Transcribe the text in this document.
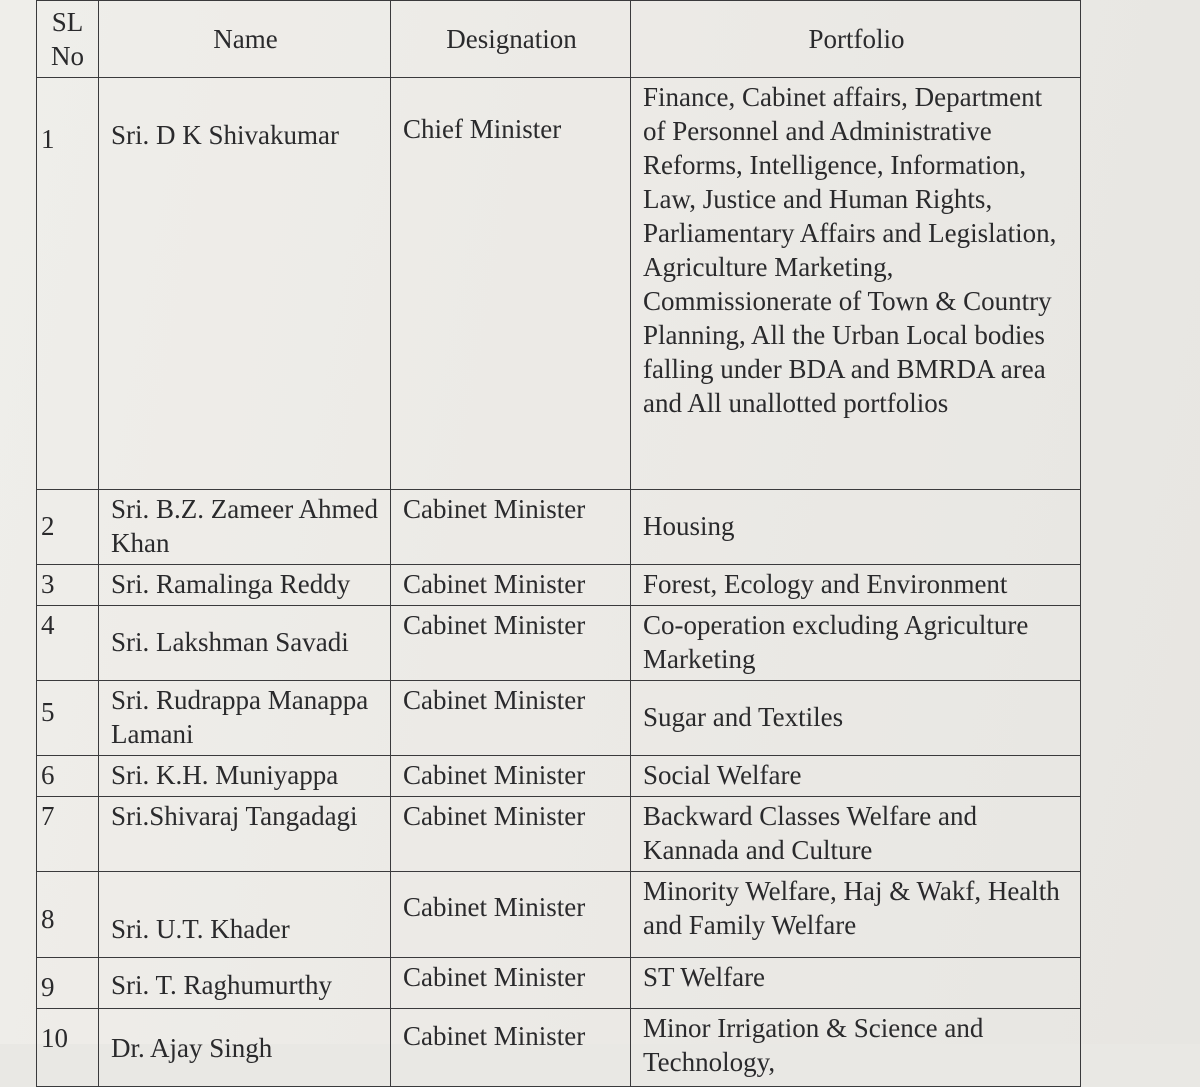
SL No	Name	Designation	Portfolio
1	Sri. D K Shivakumar	Chief Minister	Finance, Cabinet affairs, Department of Personnel and Administrative Reforms, Intelligence, Information, Law, Justice and Human Rights, Parliamentary Affairs and Legislation, Agriculture Marketing, Commissionerate of Town & Country Planning, All the Urban Local bodies falling under BDA and BMRDA area and All unallotted portfolios
2	Sri. B.Z. Zameer Ahmed Khan	Cabinet Minister	Housing
3	Sri. Ramalinga Reddy	Cabinet Minister	Forest, Ecology and Environment
4	Sri. Lakshman Savadi	Cabinet Minister	Co-operation excluding Agriculture Marketing
5	Sri. Rudrappa Manappa Lamani	Cabinet Minister	Sugar and Textiles
6	Sri. K.H. Muniyappa	Cabinet Minister	Social Welfare
7	Sri.Shivaraj Tangadagi	Cabinet Minister	Backward Classes Welfare and Kannada and Culture
8	Sri. U.T. Khader	Cabinet Minister	Minority Welfare, Haj & Wakf, Health and Family Welfare
9	Sri. T. Raghumurthy	Cabinet Minister	ST Welfare
10	Dr. Ajay Singh	Cabinet Minister	Minor Irrigation & Science and Technology,
